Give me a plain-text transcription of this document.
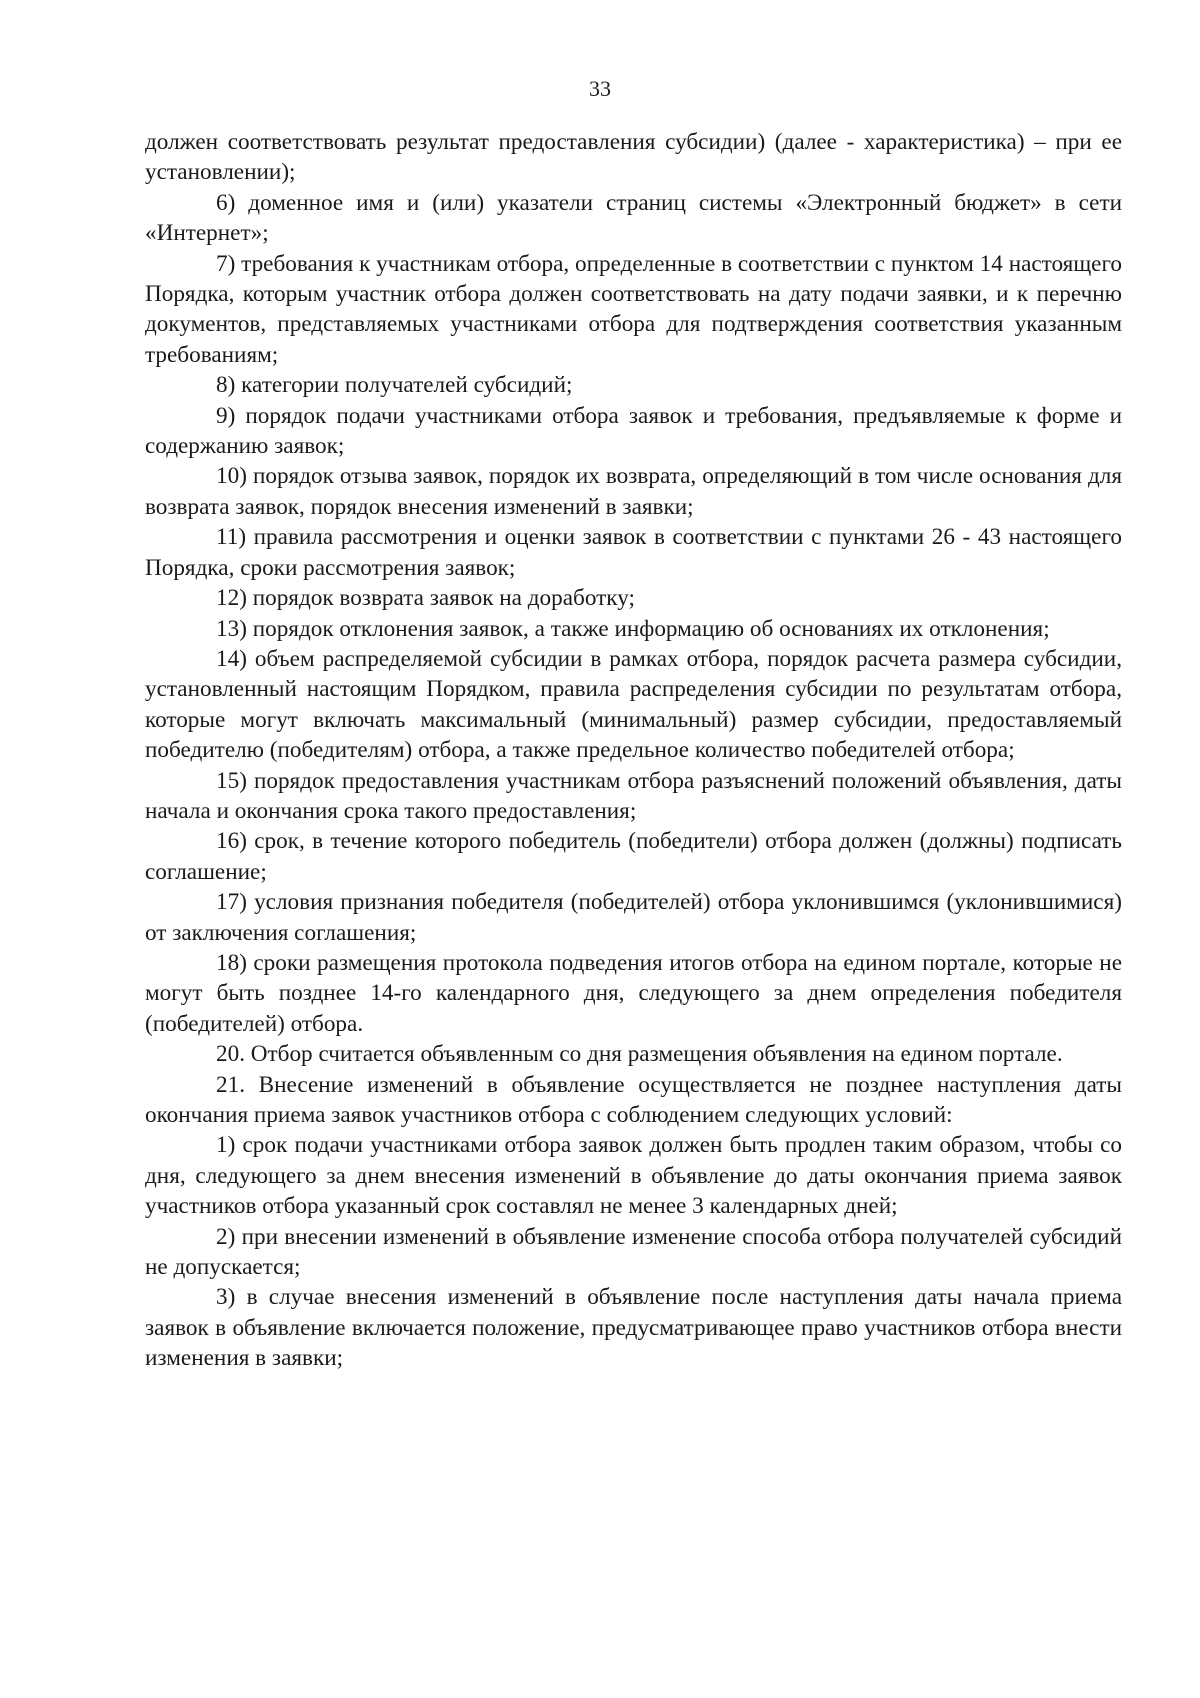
33

должен соответствовать результат предоставления субсидии) (далее - характеристика) – при ее установлении);

6) доменное имя и (или) указатели страниц системы «Электронный бюджет» в сети «Интернет»;

7) требования к участникам отбора, определенные в соответствии с пунктом 14 настоящего Порядка, которым участник отбора должен соответствовать на дату подачи заявки, и к перечню документов, представляемых участниками отбора для подтверждения соответствия указанным требованиям;

8) категории получателей субсидий;

9) порядок подачи участниками отбора заявок и требования, предъявляемые к форме и содержанию заявок;

10) порядок отзыва заявок, порядок их возврата, определяющий в том числе основания для возврата заявок, порядок внесения изменений в заявки;

11) правила рассмотрения и оценки заявок в соответствии с пунктами 26 - 43 настоящего Порядка, сроки рассмотрения заявок;

12) порядок возврата заявок на доработку;

13) порядок отклонения заявок, а также информацию об основаниях их отклонения;

14) объем распределяемой субсидии в рамках отбора, порядок расчета размера субсидии, установленный настоящим Порядком, правила распределения субсидии по результатам отбора, которые могут включать максимальный (минимальный) размер субсидии, предоставляемый победителю (победителям) отбора, а также предельное количество победителей отбора;

15) порядок предоставления участникам отбора разъяснений положений объявления, даты начала и окончания срока такого предоставления;

16) срок, в течение которого победитель (победители) отбора должен (должны) подписать соглашение;

17) условия признания победителя (победителей) отбора уклонившимся (уклонившимися) от заключения соглашения;

18) сроки размещения протокола подведения итогов отбора на едином портале, которые не могут быть позднее 14-го календарного дня, следующего за днем определения победителя (победителей) отбора.

20. Отбор считается объявленным со дня размещения объявления на едином портале.

21. Внесение изменений в объявление осуществляется не позднее наступления даты окончания приема заявок участников отбора с соблюдением следующих условий:

1) срок подачи участниками отбора заявок должен быть продлен таким образом, чтобы со дня, следующего за днем внесения изменений в объявление до даты окончания приема заявок участников отбора указанный срок составлял не менее 3 календарных дней;

2) при внесении изменений в объявление изменение способа отбора получателей субсидий не допускается;

3) в случае внесения изменений в объявление после наступления даты начала приема заявок в объявление включается положение, предусматривающее право участников отбора внести изменения в заявки;
